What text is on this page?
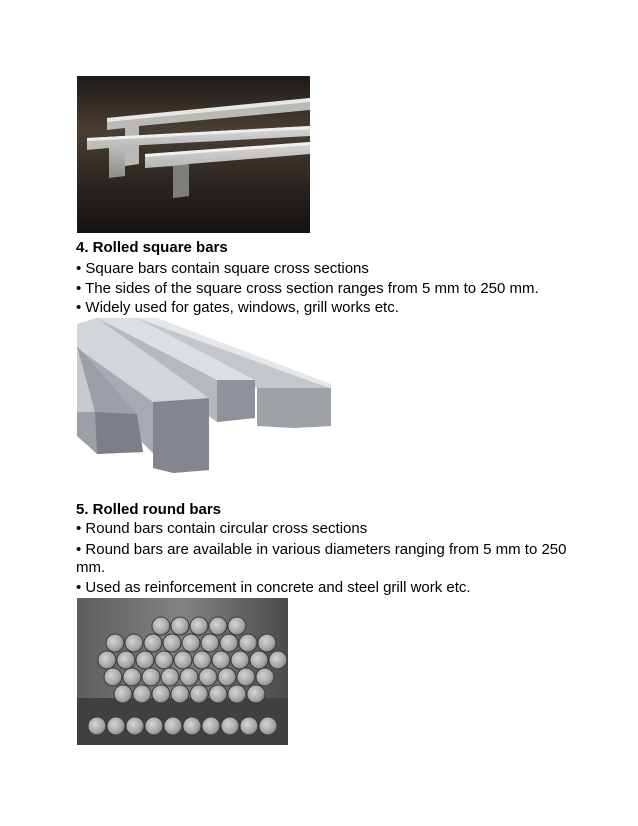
4. Rolled square bars

• Square bars contain square cross sections

• The sides of the square cross section ranges from 5 mm to 250 mm.

• Widely used for gates, windows, grill works etc.

5. Rolled round bars

• Round bars contain circular cross sections

• Round bars are available in various diameters ranging from 5 mm to 250

mm.

• Used as reinforcement in concrete and steel grill work etc.
